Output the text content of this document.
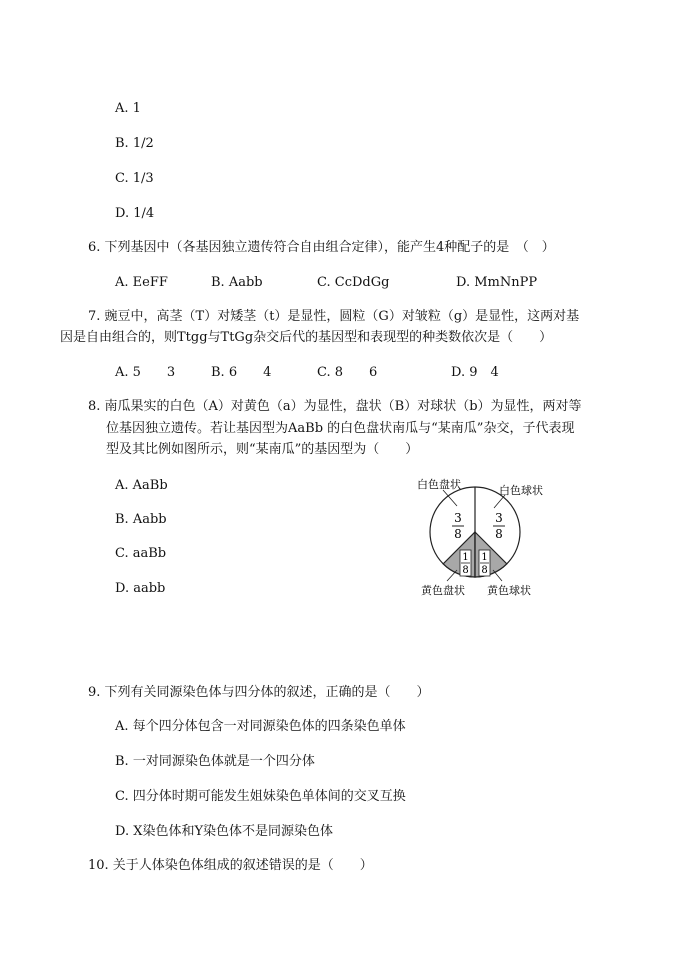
A. 1
B. 1/2
C. 1/3
D. 1/4
6. 下列基因中（各基因独立遗传符合自由组合定律），能产生4种配子的是　（　）
A. EeFF	B. Aabb	C. CcDdGg	D. MmNnPP
7. 豌豆中，高茎（T）对矮茎（t）是显性，圆粒（G）对皱粒（g）是显性，这两对基
因是自由组合的，则Ttgg与TtGg杂交后代的基因型和表现型的种类数依次是（　　）
A. 5　　3	B. 6　　4	C. 8　　6	D. 9　4
8. 南瓜果实的白色（A）对黄色（a）为显性，盘状（B）对球状（b）为显性，两对等
位基因独立遗传。若让基因型为AaBb 的白色盘状南瓜与“某南瓜”杂交，子代表现
型及其比例如图所示，则“某南瓜”的基因型为（　　）
A. AaBb
B. Aabb
C. aaBb
D. aabb
3
8
3
8
1
8
1
8
白色盘状	白色球状
黄色盘状 黄色球状
9. 下列有关同源染色体与四分体的叙述，正确的是（　　）
A. 每个四分体包含一对同源染色体的四条染色单体
B. 一对同源染色体就是一个四分体
C. 四分体时期可能发生姐妹染色单体间的交叉互换
D. X染色体和Y染色体不是同源染色体
10. 关于人体染色体组成的叙述错误的是（　　）
